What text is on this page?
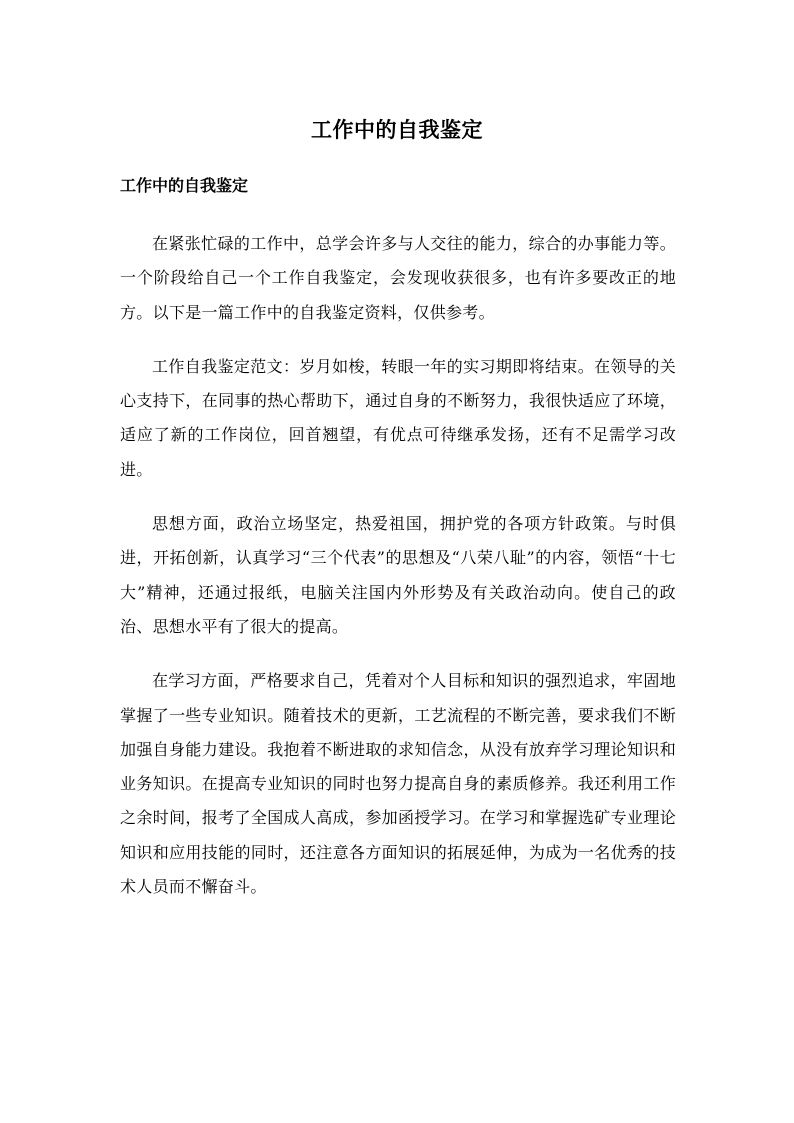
工作中的自我鉴定
工作中的自我鉴定

在紧张忙碌的工作中，总学会许多与人交往的能力，综合的办事能力等。一个阶段给自己一个工作自我鉴定，会发现收获很多，也有许多要改正的地方。以下是一篇工作中的自我鉴定资料，仅供参考。

工作自我鉴定范文：岁月如梭，转眼一年的实习期即将结束。在领导的关心支持下，在同事的热心帮助下，通过自身的不断努力，我很快适应了环境，适应了新的工作岗位，回首翘望，有优点可待继承发扬，还有不足需学习改进。

思想方面，政治立场坚定，热爱祖国，拥护党的各项方针政策。与时俱进，开拓创新，认真学习“三个代表”的思想及“八荣八耻”的内容，领悟“十七大”精神，还通过报纸，电脑关注国内外形势及有关政治动向。使自己的政治、思想水平有了很大的提高。

在学习方面，严格要求自己，凭着对个人目标和知识的强烈追求，牢固地掌握了一些专业知识。随着技术的更新，工艺流程的不断完善，要求我们不断加强自身能力建设。我抱着不断进取的求知信念，从没有放弃学习理论知识和业务知识。在提高专业知识的同时也努力提高自身的素质修养。我还利用工作之余时间，报考了全国成人高成，参加函授学习。在学习和掌握选矿专业理论知识和应用技能的同时，还注意各方面知识的拓展延伸，为成为一名优秀的技术人员而不懈奋斗。
